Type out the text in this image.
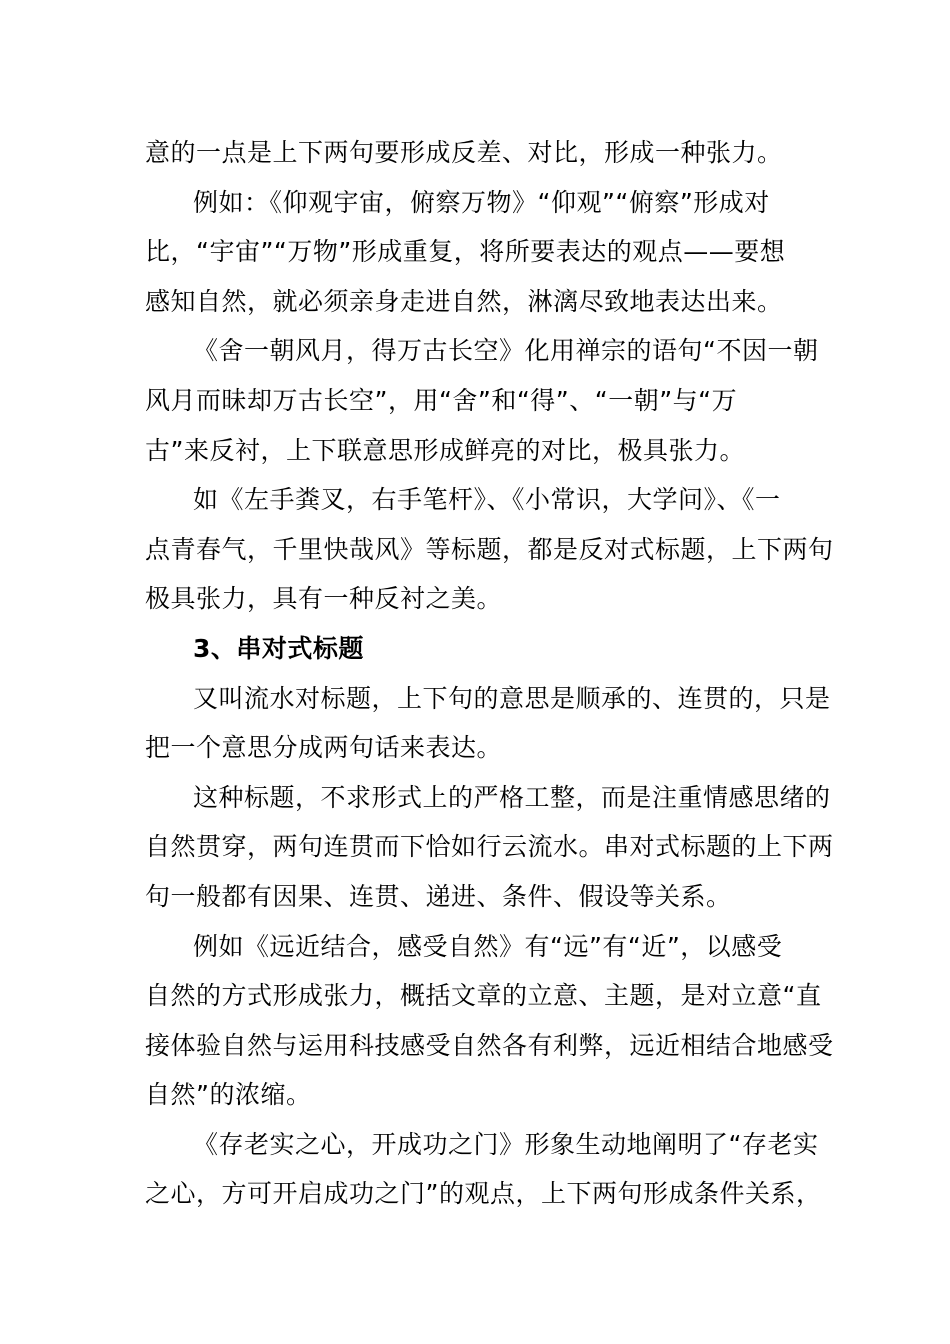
意的一点是上下两句要形成反差、对比，形成一种张力。
例如：《仰观宇宙，俯察万物》“仰观”“俯察”形成对
比，“宇宙”“万物”形成重复，将所要表达的观点——要想
感知自然，就必须亲身走进自然，淋漓尽致地表达出来。
《舍一朝风月，得万古长空》化用禅宗的语句“不因一朝
风月而昧却万古长空”，用“舍”和“得”、“一朝”与“万
古”来反衬，上下联意思形成鲜亮的对比，极具张力。
如《左手粪叉，右手笔杆》、《小常识，大学问》、《一
点青春气，千里快哉风》等标题，都是反对式标题，上下两句
极具张力，具有一种反衬之美。
3、串对式标题
又叫流水对标题，上下句的意思是顺承的、连贯的，只是
把一个意思分成两句话来表达。
这种标题，不求形式上的严格工整，而是注重情感思绪的
自然贯穿，两句连贯而下恰如行云流水。串对式标题的上下两
句一般都有因果、连贯、递进、条件、假设等关系。
例如《远近结合，感受自然》有“远”有“近”，以感受
自然的方式形成张力，概括文章的立意、主题，是对立意“直
接体验自然与运用科技感受自然各有利弊，远近相结合地感受
自然”的浓缩。
《存老实之心，开成功之门》形象生动地阐明了“存老实
之心，方可开启成功之门”的观点，上下两句形成条件关系，
